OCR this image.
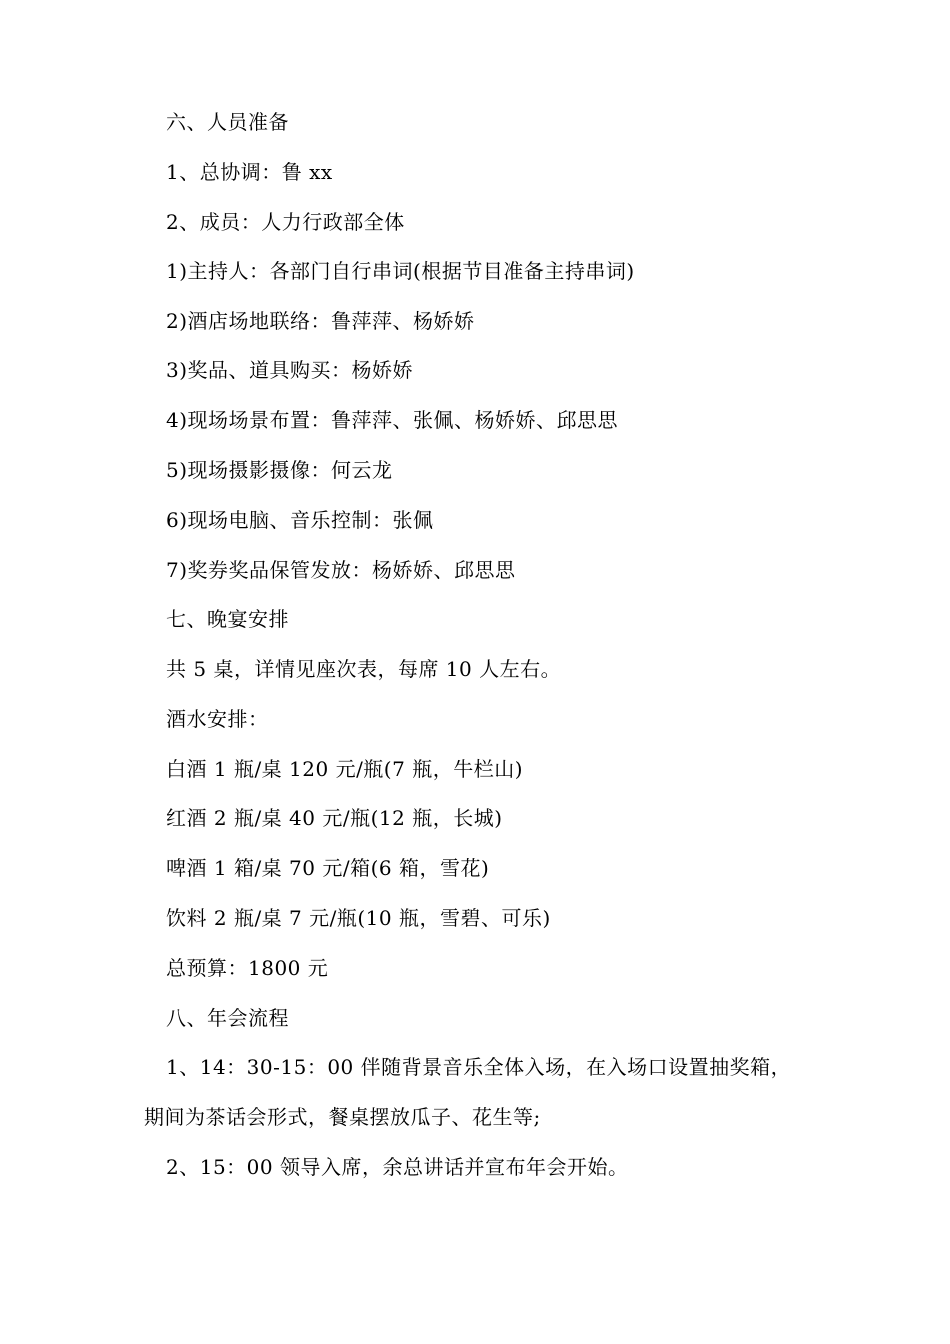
六、人员准备
1、总协调：鲁 xx
2、成员：人力行政部全体
1)主持人：各部门自行串词(根据节目准备主持串词)
2)酒店场地联络：鲁萍萍、杨娇娇
3)奖品、道具购买：杨娇娇
4)现场场景布置：鲁萍萍、张佩、杨娇娇、邱思思
5)现场摄影摄像：何云龙
6)现场电脑、音乐控制：张佩
7)奖券奖品保管发放：杨娇娇、邱思思
七、晚宴安排
共 5 桌，详情见座次表，每席 10 人左右。
酒水安排：
白酒 1 瓶/桌 120 元/瓶(7 瓶，牛栏山)
红酒 2 瓶/桌 40 元/瓶(12 瓶，长城)
啤酒 1 箱/桌 70 元/箱(6 箱，雪花)
饮料 2 瓶/桌 7 元/瓶(10 瓶，雪碧、可乐)
总预算：1800 元
八、年会流程
1、14：30-15：00 伴随背景音乐全体入场，在入场口设置抽奖箱，
期间为茶话会形式，餐桌摆放瓜子、花生等;
2、15：00 领导入席，余总讲话并宣布年会开始。
